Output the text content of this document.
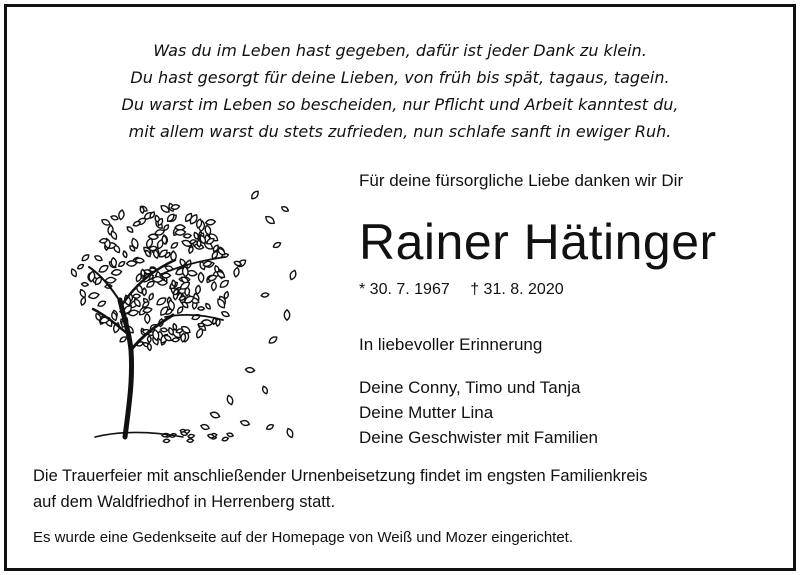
Was du im Leben hast gegeben, dafür ist jeder Dank zu klein.
Du hast gesorgt für deine Lieben, von früh bis spät, tagaus, tagein.
Du warst im Leben so bescheiden, nur Pflicht und Arbeit kanntest du,
mit allem warst du stets zufrieden, nun schlafe sanft in ewiger Ruh.
Für deine fürsorgliche Liebe danken wir Dir
Rainer Hätinger
* 30. 7. 1967 † 31. 8. 2020
In liebevoller Erinnerung
Deine Conny, Timo und Tanja
Deine Mutter Lina
Deine Geschwister mit Familien
Die Trauerfeier mit anschließender Urnenbeisetzung findet im engsten Familienkreis
auf dem Waldfriedhof in Herrenberg statt.
Es wurde eine Gedenkseite auf der Homepage von Weiß und Mozer eingerichtet.
